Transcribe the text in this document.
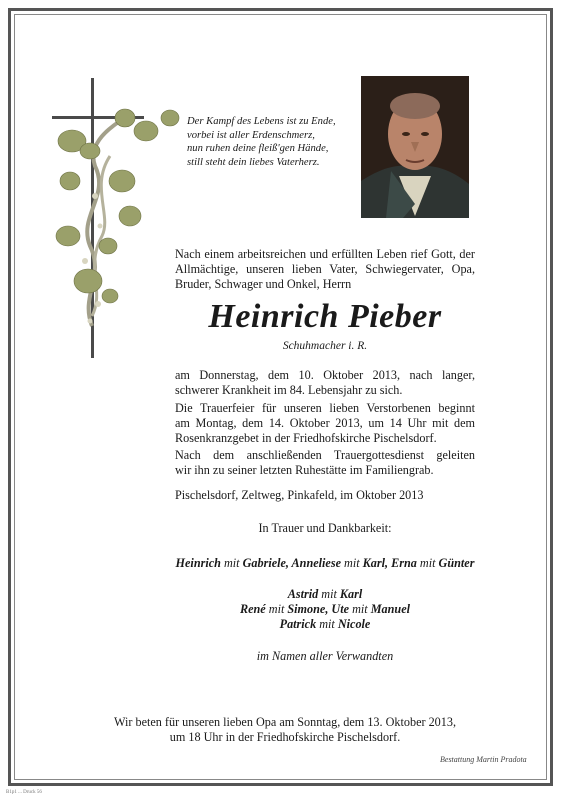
Der Kampf des Lebens ist zu Ende,
vorbei ist aller Erdenschmerz,
nun ruhen deine fleiß'gen Hände,
still steht dein liebes Vaterherz.
Nach einem arbeitsreichen und erfüllten Leben rief Gott, der
Allmächtige, unseren lieben Vater, Schwiegervater, Opa,
Bruder, Schwager und Onkel, Herrn
Heinrich Pieber
Schuhmacher i. R.
am Donnerstag, dem 10. Oktober 2013, nach langer,
schwerer Krankheit im 84. Lebensjahr zu sich.
Die Trauerfeier für unseren lieben Verstorbenen beginnt
am Montag, dem 14. Oktober 2013, um 14 Uhr mit dem
Rosenkranzgebet in der Friedhofskirche Pischelsdorf.
Nach dem anschließenden Trauergottesdienst geleiten
wir ihn zu seiner letzten Ruhestätte im Familiengrab.
Pischelsdorf, Zeltweg, Pinkafeld, im Oktober 2013
In Trauer und Dankbarkeit:
Heinrich mit Gabriele, Anneliese mit Karl, Erna mit Günter
Astrid mit Karl
René mit Simone, Ute mit Manuel
Patrick mit Nicole
im Namen aller Verwandten
Wir beten für unseren lieben Opa am Sonntag, dem 13. Oktober 2013,
um 18 Uhr in der Friedhofskirche Pischelsdorf.
Bestattung Martin Pradota
B1p1 ... Druck 56
